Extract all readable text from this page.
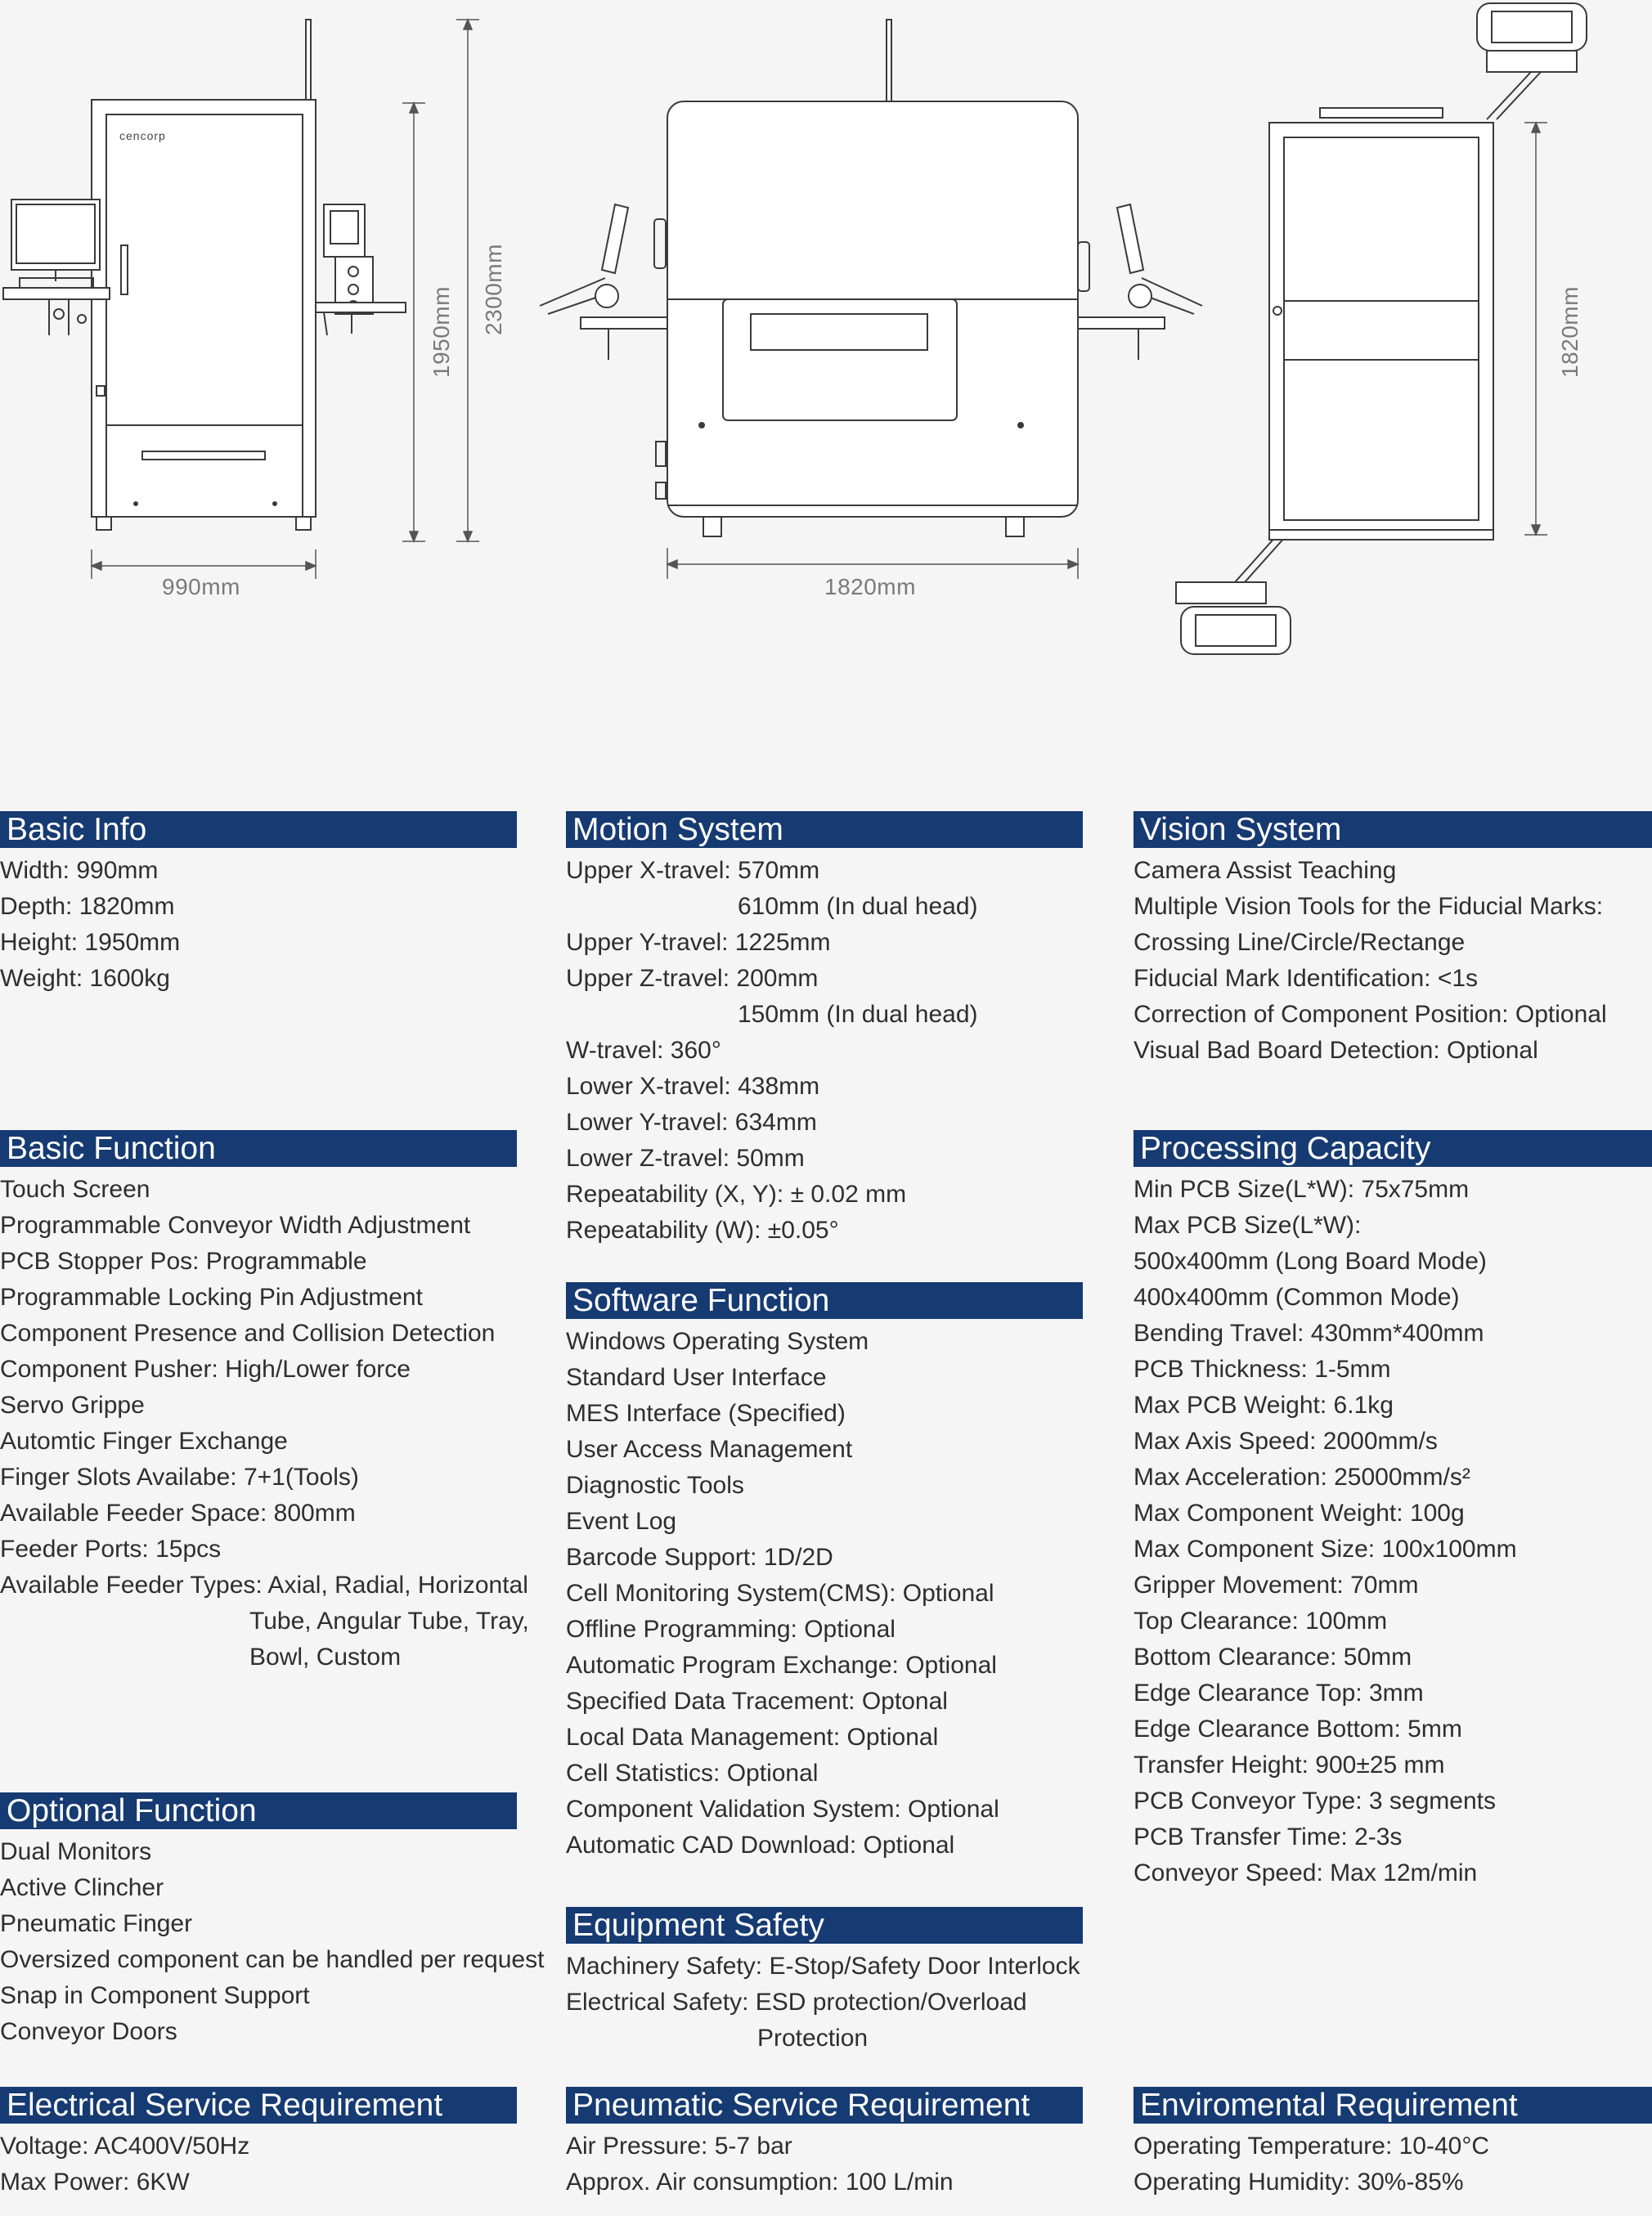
cencorp
990mm
1950mm 2300mm
1820mm
1820mm
Basic Info
Width: 990mm
Depth: 1820mm
Height: 1950mm
Weight: 1600kg
Basic Function
Touch Screen
Programmable Conveyor Width Adjustment
PCB Stopper Pos: Programmable
Programmable Locking Pin Adjustment
Component Presence and Collision Detection
Component Pusher: High/Lower force
Servo Grippe
Automtic Finger Exchange
Finger Slots Availabe: 7+1(Tools)
Available Feeder Space: 800mm
Feeder Ports: 15pcs
Available Feeder Types: Axial, Radial, Horizontal
Tube, Angular Tube, Tray,
Bowl, Custom
Optional Function
Dual Monitors
Active Clincher
Pneumatic Finger
Oversized component can be handled per request
Snap in Component Support
Conveyor Doors
Electrical Service Requirement
Voltage: AC400V/50Hz
Max Power: 6KW
Motion System
Upper X-travel: 570mm
610mm (In dual head)
Upper Y-travel: 1225mm
Upper Z-travel: 200mm
150mm (In dual head)
W-travel: 360°
Lower X-travel: 438mm
Lower Y-travel: 634mm
Lower Z-travel: 50mm
Repeatability (X, Y): ± 0.02 mm
Repeatability (W): ±0.05°
Software Function
Windows Operating System
Standard User Interface
MES Interface (Specified)
User Access Management
Diagnostic Tools
Event Log
Barcode Support: 1D/2D
Cell Monitoring System(CMS): Optional
Offline Programming: Optional
Automatic Program Exchange: Optional
Specified Data Tracement: Optonal
Local Data Management: Optional
Cell Statistics: Optional
Component Validation System: Optional
Automatic CAD Download: Optional
Equipment Safety
Machinery Safety: E-Stop/Safety Door Interlock
Electrical Safety: ESD protection/Overload
Protection
Pneumatic Service Requirement
Air Pressure: 5-7 bar
Approx. Air consumption: 100 L/min
Vision System
Camera Assist Teaching
Multiple Vision Tools for the Fiducial Marks:
Crossing Line/Circle/Rectange
Fiducial Mark Identification: <1s
Correction of Component Position: Optional
Visual Bad Board Detection: Optional
Processing Capacity
Min PCB Size(L*W): 75x75mm
Max PCB Size(L*W):
500x400mm (Long Board Mode)
400x400mm (Common Mode)
Bending Travel: 430mm*400mm
PCB Thickness: 1-5mm
Max PCB Weight: 6.1kg
Max Axis Speed: 2000mm/s
Max Acceleration: 25000mm/s²
Max Component Weight: 100g
Max Component Size: 100x100mm
Gripper Movement: 70mm
Top Clearance: 100mm
Bottom Clearance: 50mm
Edge Clearance Top: 3mm
Edge Clearance Bottom: 5mm
Transfer Height: 900±25 mm
PCB Conveyor Type: 3 segments
PCB Transfer Time: 2-3s
Conveyor Speed: Max 12m/min
Enviromental Requirement
Operating Temperature: 10-40°C
Operating Humidity: 30%-85%
